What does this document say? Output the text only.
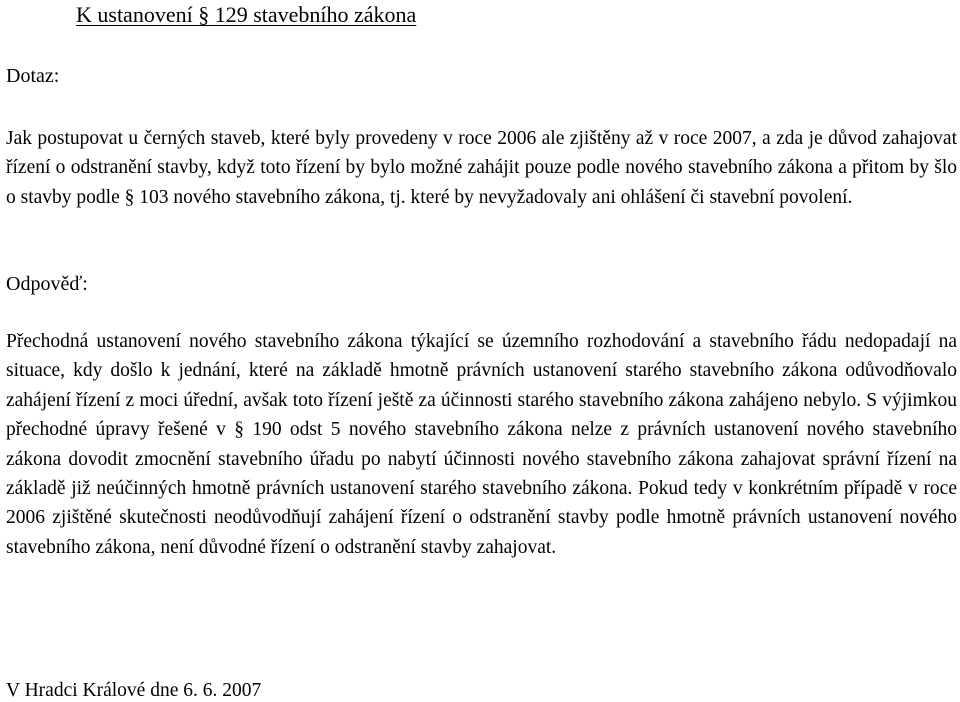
K ustanovení § 129 stavebního zákona

Dotaz:

Jak postupovat u černých staveb, které byly provedeny v roce 2006 ale zjištěny až v roce 2007, a zda je důvod zahajovat řízení o odstranění stavby, když toto řízení by bylo možné zahájit pouze podle nového stavebního zákona a přitom by šlo o stavby podle § 103 nového stavebního zákona, tj. které by nevyžadovaly ani ohlášení či stavební povolení.

Odpověď:

Přechodná ustanovení nového stavebního zákona týkající se územního rozhodování a stavebního řádu nedopadají na situace, kdy došlo k jednání, které na základě hmotně právních ustanovení starého stavebního zákona odůvodňovalo zahájení řízení z moci úřední, avšak toto řízení ještě za účinnosti starého stavebního zákona zahájeno nebylo. S výjimkou přechodné úpravy řešené v § 190 odst 5 nového stavebního zákona nelze z právních ustanovení nového stavebního zákona dovodit zmocnění stavebního úřadu po nabytí účinnosti nového stavebního zákona zahajovat správní řízení na základě již neúčinných hmotně právních ustanovení starého stavebního zákona. Pokud tedy v konkrétním případě v roce 2006 zjištěné skutečnosti neodůvodňují zahájení řízení o odstranění stavby podle hmotně právních ustanovení nového stavebního zákona, není důvodné řízení o odstranění stavby zahajovat.

V Hradci Králové dne 6. 6. 2007
